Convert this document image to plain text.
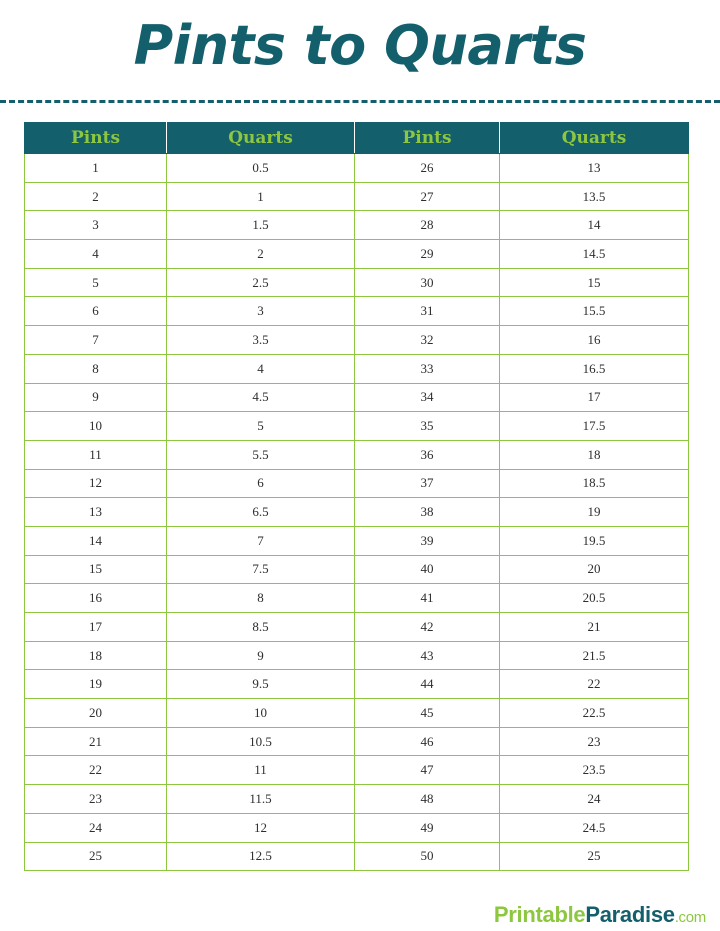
Pints to Quarts
Pints	Quarts	Pints	Quarts
1	0.5	26	13
2	1	27	13.5
3	1.5	28	14
4	2	29	14.5
5	2.5	30	15
6	3	31	15.5
7	3.5	32	16
8	4	33	16.5
9	4.5	34	17
10	5	35	17.5
11	5.5	36	18
12	6	37	18.5
13	6.5	38	19
14	7	39	19.5
15	7.5	40	20
16	8	41	20.5
17	8.5	42	21
18	9	43	21.5
19	9.5	44	22
20	10	45	22.5
21	10.5	46	23
22	11	47	23.5
23	11.5	48	24
24	12	49	24.5
25	12.5	50	25
PrintableParadise.com
